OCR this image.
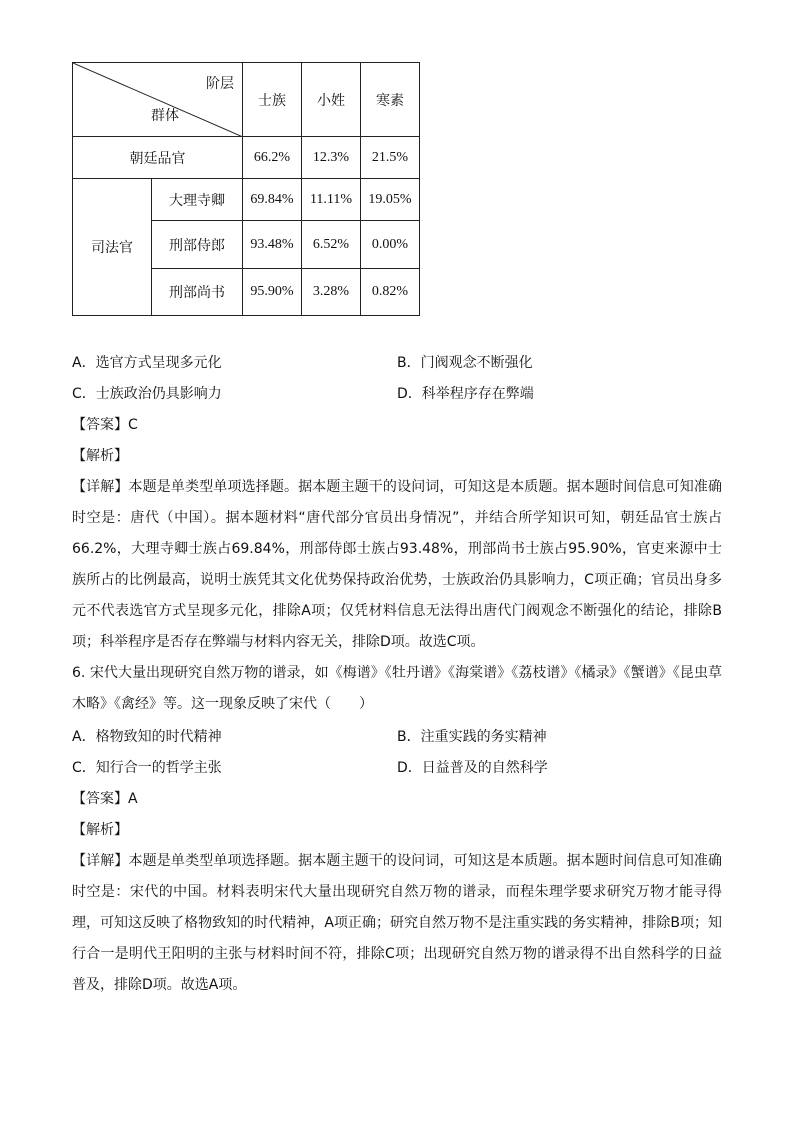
阶层
群体		士族	小姓	寒素
朝廷品官		66.2%	12.3%	21.5%
司法官	大理寺卿	69.84%	11.11%	19.05%
	刑部侍郎	93.48%	6.52%	0.00%
	刑部尚书	95.90%	3.28%	0.82%
A．选官方式呈现多元化	B．门阀观念不断强化
C．士族政治仍具影响力	D．科举程序存在弊端
【答案】C
【解析】
【详解】本题是单类型单项选择题。据本题主题干的设问词，可知这是本质题。据本题时间信息可知准确时空是：唐代（中国）。据本题材料“唐代部分官员出身情况”，并结合所学知识可知，朝廷品官士族占66.2%，大理寺卿士族占69.84%，刑部侍郎士族占93.48%，刑部尚书士族占95.90%，官吏来源中士族所占的比例最高，说明士族凭其文化优势保持政治优势，士族政治仍具影响力，C项正确；官员出身多元不代表选官方式呈现多元化，排除A项；仅凭材料信息无法得出唐代门阀观念不断强化的结论，排除B项；科举程序是否存在弊端与材料内容无关，排除D项。故选C项。
6. 宋代大量出现研究自然万物的谱录，如《梅谱》《牡丹谱》《海棠谱》《荔枝谱》《橘录》《蟹谱》《昆虫草木略》《禽经》等。这一现象反映了宋代（　　）
A．格物致知的时代精神	B．注重实践的务实精神
C．知行合一的哲学主张	D．日益普及的自然科学
【答案】A
【解析】
【详解】本题是单类型单项选择题。据本题主题干的设问词，可知这是本质题。据本题时间信息可知准确时空是：宋代的中国。材料表明宋代大量出现研究自然万物的谱录，而程朱理学要求研究万物才能寻得理，可知这反映了格物致知的时代精神，A项正确；研究自然万物不是注重实践的务实精神，排除B项；知行合一是明代王阳明的主张与材料时间不符，排除C项；出现研究自然万物的谱录得不出自然科学的日益普及，排除D项。故选A项。
